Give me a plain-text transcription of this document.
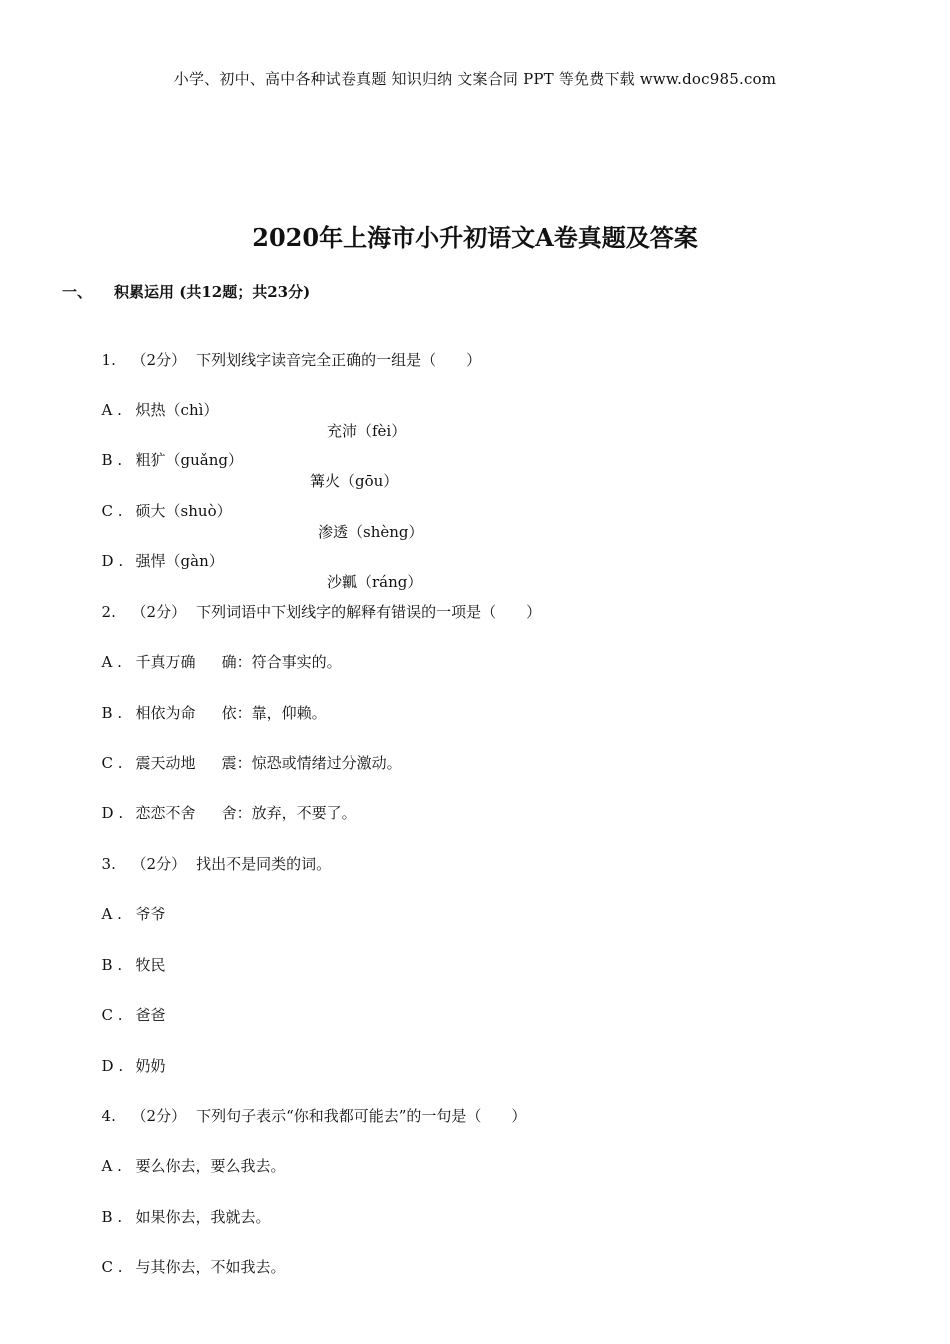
小学、初中、高中各种试卷真题 知识归纳 文案合同 PPT 等免费下载 www.doc985.com
2020年上海市小升初语文A卷真题及答案
一、 积累运用 (共12题；共23分)

1. （2分） 下列划线字读音完全正确的一组是（　　）

A . 炽热（chì）

充沛（fèi）

B . 粗犷（guǎng）

篝火（gōu）

C . 硕大（shuò）

渗透（shèng）

D . 强悍（gàn）

沙瓤（ráng）

2. （2分） 下列词语中下划线字的解释有错误的一项是（　　）

A . 千真万确 确：符合事实的。

B . 相依为命 依：靠，仰赖。

C . 震天动地 震：惊恐或情绪过分激动。

D . 恋恋不舍 舍：放弃，不要了。

3. （2分） 找出不是同类的词。

A . 爷爷

B . 牧民

C . 爸爸

D . 奶奶

4. （2分） 下列句子表示“你和我都可能去”的一句是（　　）

A . 要么你去，要么我去。

B . 如果你去，我就去。

C . 与其你去，不如我去。
